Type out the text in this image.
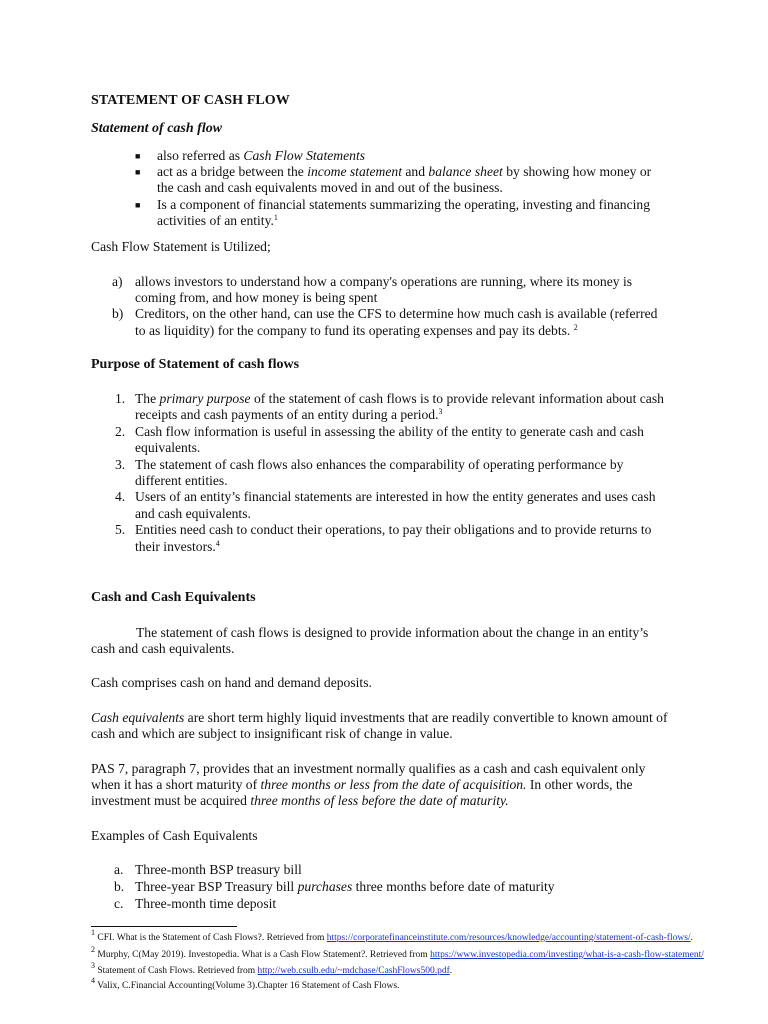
STATEMENT OF CASH FLOW
Statement of cash flow
■ also referred as Cash Flow Statements
■ act as a bridge between the income statement and balance sheet by showing how money or
the cash and cash equivalents moved in and out of the business.
■ Is a component of financial statements summarizing the operating, investing and financing
activities of an entity.$^1$
Cash Flow Statement is Utilized;
a) allows investors to understand how a company's operations are running, where its money is
coming from, and how money is being spent
b) Creditors, on the other hand, can use the CFS to determine how much cash is available (referred
to as liquidity) for the company to fund its operating expenses and pay its debts. $^2$
Purpose of Statement of cash flows
1. The primary purpose of the statement of cash flows is to provide relevant information about cash
receipts and cash payments of an entity during a period.$^3$
2. Cash flow information is useful in assessing the ability of the entity to generate cash and cash
equivalents.
3. The statement of cash flows also enhances the comparability of operating performance by
different entities.
4. Users of an entity’s financial statements are interested in how the entity generates and uses cash
and cash equivalents.
5. Entities need cash to conduct their operations, to pay their obligations and to provide returns to
their investors.$^4$
Cash and Cash Equivalents
The statement of cash flows is designed to provide information about the change in an entity’s
cash and cash equivalents.
Cash comprises cash on hand and demand deposits.
Cash equivalents are short term highly liquid investments that are readily convertible to known amount of
cash and which are subject to insignificant risk of change in value.
PAS 7, paragraph 7, provides that an investment normally qualifies as a cash and cash equivalent only
when it has a short maturity of three months or less from the date of acquisition. In other words, the
investment must be acquired three months of less before the date of maturity.
Examples of Cash Equivalents
a. Three-month BSP treasury bill
b. Three-year BSP Treasury bill purchases three months before date of maturity
c. Three-month time deposit
$^1$ CFI. What is the Statement of Cash Flows?. Retrieved from https://corporatefinanceinstitute.com/resources/knowledge/accounting/statement-of-cash-flows/.
$^2$ Murphy, C(May 2019). Investopedia. What is a Cash Flow Statement?. Retrieved from https://www.investopedia.com/investing/what-is-a-cash-flow-statement/
$^3$ Statement of Cash Flows. Retrieved from http://web.csulb.edu/~mdchase/CashFlows500.pdf.
$^4$ Valix, C.Financial Accounting(Volume 3).Chapter 16 Statement of Cash Flows.
